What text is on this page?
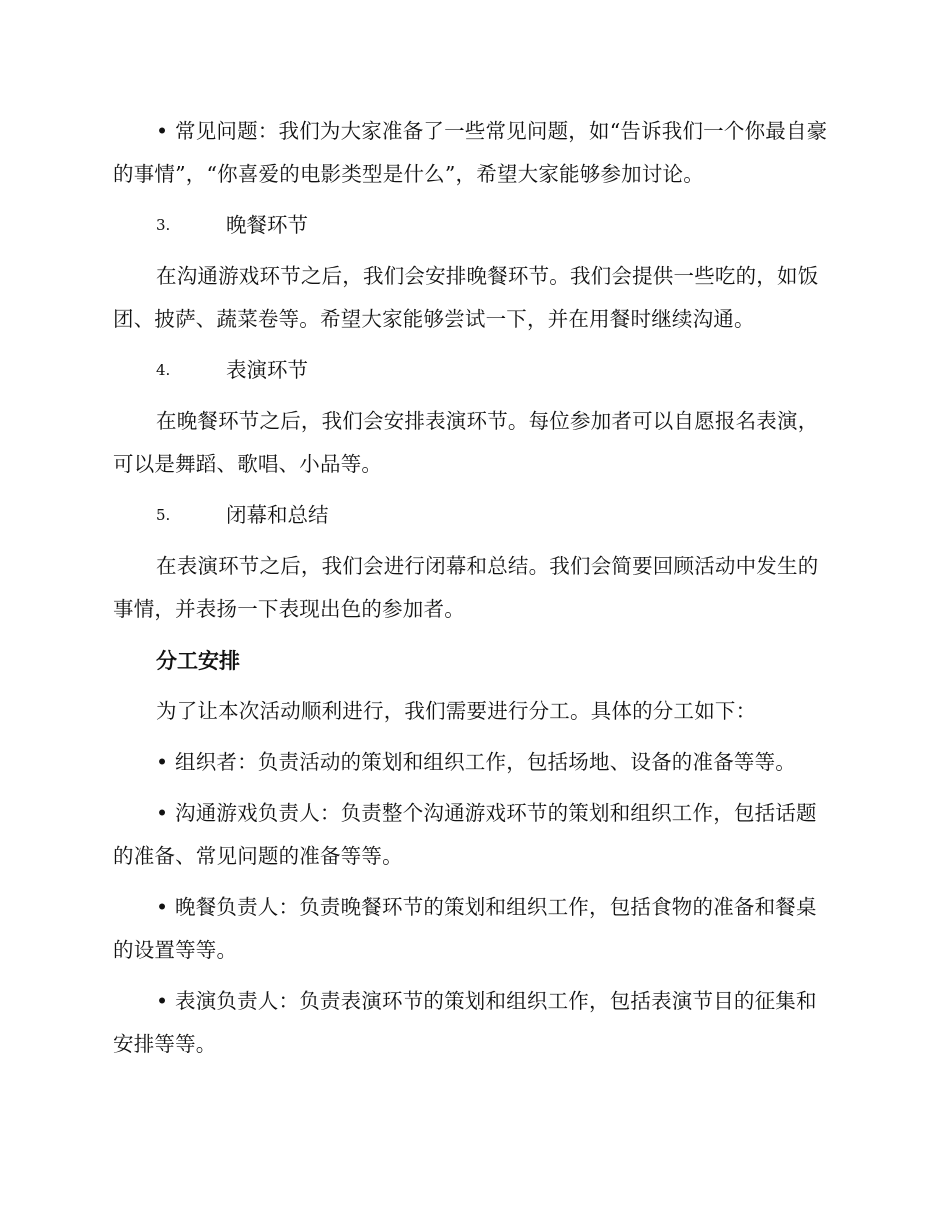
• 常见问题：我们为大家准备了一些常见问题，如“告诉我们一个你最自豪的事情”，“你喜爱的电影类型是什么”，希望大家能够参加讨论。

3.	晚餐环节

在沟通游戏环节之后，我们会安排晚餐环节。我们会提供一些吃的，如饭团、披萨、蔬菜卷等。希望大家能够尝试一下，并在用餐时继续沟通。

4.	表演环节

在晚餐环节之后，我们会安排表演环节。每位参加者可以自愿报名表演，可以是舞蹈、歌唱、小品等。

5.	闭幕和总结

在表演环节之后，我们会进行闭幕和总结。我们会简要回顾活动中发生的事情，并表扬一下表现出色的参加者。

分工安排

为了让本次活动顺利进行，我们需要进行分工。具体的分工如下：

• 组织者：负责活动的策划和组织工作，包括场地、设备的准备等等。

• 沟通游戏负责人：负责整个沟通游戏环节的策划和组织工作，包括话题的准备、常见问题的准备等等。

• 晚餐负责人：负责晚餐环节的策划和组织工作，包括食物的准备和餐桌的设置等等。

• 表演负责人：负责表演环节的策划和组织工作，包括表演节目的征集和安排等等。
